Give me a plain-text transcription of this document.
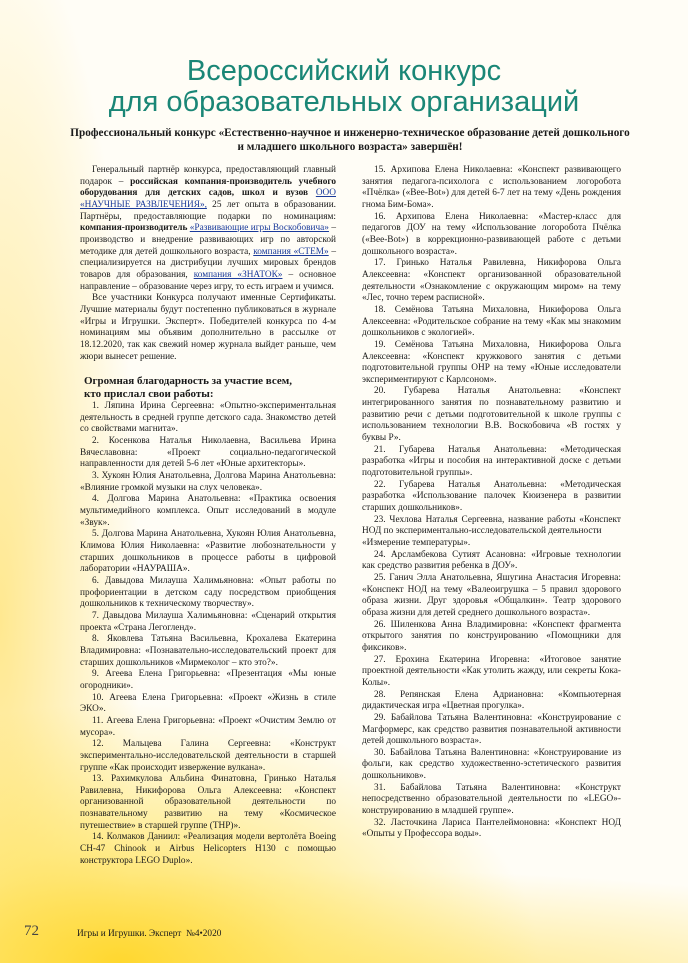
Всероссийский конкурс
для образовательных организаций

Профессиональный конкурс «Естественно-научное и инженерно-техническое образование детей дошкольного и младшего школьного возраста» завершён!

Генеральный партнёр конкурса, предоставляющий главный подарок – российская компания-производитель учебного оборудования для детских садов, школ и вузов ООО «НАУЧНЫЕ РАЗВЛЕЧЕНИЯ», 25 лет опыта в образовании. Партнёры, предоставляющие подарки по номинациям: компания-производитель «Развивающие игры Воскобовича» – производство и внедрение развивающих игр по авторской методике для детей дошкольного возраста, компания «СТЕМ» – специализируется на дистрибуции лучших мировых брендов товаров для образования, компания «ЗНАТОК» – основное направление – образование через игру, то есть играем и учимся.

Все участники Конкурса получают именные Сертификаты. Лучшие материалы будут постепенно публиковаться в журнале «Игры и Игрушки. Эксперт». Победителей конкурса по 4-м номинациям мы объявим дополнительно в рассылке от 18.12.2020, так как свежий номер журнала выйдет раньше, чем жюри вынесет решение.

Огромная благодарность за участие всем,
кто прислал свои работы:

1. Ляпина Ирина Сергеевна: «Опытно-экспериментальная деятельность в средней группе детского сада. Знакомство детей со свойствами магнита».

2. Косенкова Наталья Николаевна, Васильева Ирина Вячеславовна: «Проект социально-педагогической направленности для детей 5-6 лет «Юные архитекторы».

3. Хукоян Юлия Анатольевна, Долгова Марина Анатольевна: «Влияние громкой музыки на слух человека».

4. Долгова Марина Анатольевна: «Практика освоения мультимедийного комплекса. Опыт исследований в модуле «Звук».

5. Долгова Марина Анатольевна, Хукоян Юлия Анатольевна, Климова Юлия Николаевна: «Развитие любознательности у старших дошкольников в процессе работы в цифровой лаборатории «НАУРАША».

6. Давыдова Милауша Халимьяновна: «Опыт работы по профориентации в детском саду посредством приобщения дошкольников к техническому творчеству».

7. Давыдова Милауша Халимьяновна: «Сценарий открытия проекта «Страна Легогленд».

8. Яковлева Татьяна Васильевна, Крохалева Екатерина Владимировна: «Познавательно-исследовательский проект для старших дошкольников «Мирмеколог – кто это?».

9. Агеева Елена Григорьевна: «Презентация «Мы юные огородники».

10. Агеева Елена Григорьевна: «Проект «Жизнь в стиле ЭКО».

11. Агеева Елена Григорьевна: «Проект «Очистим Землю от мусора».

12. Мальцева Галина Сергеевна: «Конструкт экспериментально-исследовательской деятельности в старшей группе «Как происходит извержение вулкана».

13. Рахимкулова Альбина Финатовна, Гринько Наталья Равилевна, Никифорова Ольга Алексеевна: «Конспект организованной образовательной деятельности по познавательному развитию на тему «Космическое путешествие» в старшей группе (ТНР)».

14. Колмаков Даниил: «Реализация модели вертолёта Boeing CH-47 Chinook и Airbus Helicopters H130 с помощью конструктора LEGO Duplo».

15. Архипова Елена Николаевна: «Конспект развивающего занятия педагога-психолога с использованием логоробота «Пчёлка» («Bee-Bot») для детей 6-7 лет на тему «День рождения гнома Бим-Бома».

16. Архипова Елена Николаевна: «Мастер-класс для педагогов ДОУ на тему «Использование логоробота Пчёлка («Bee-Bot») в коррекционно-развивающей работе с детьми дошкольного возраста».

17. Гринько Наталья Равилевна, Никифорова Ольга Алексеевна: «Конспект организованной образовательной деятельности «Ознакомление с окружающим миром» на тему «Лес, точно терем расписной».

18. Семёнова Татьяна Михаловна, Никифорова Ольга Алексеевна: «Родительское собрание на тему «Как мы знакомим дошкольников с экологией».

19. Семёнова Татьяна Михаловна, Никифорова Ольга Алексеевна: «Конспект кружкового занятия с детьми подготовительной группы ОНР на тему «Юные исследователи экспериментируют с Карлсоном».

20. Губарева Наталья Анатольевна: «Конспект интегрированного занятия по познавательному развитию и развитию речи с детьми подготовительной к школе группы с использованием технологии В.В. Воскобовича «В гостях у буквы Р».

21. Губарева Наталья Анатольевна: «Методическая разработка «Игры и пособия на интерактивной доске с детьми подготовительной группы».

22. Губарева Наталья Анатольевна: «Методическая разработка «Использование палочек Кюизенера в развитии старших дошкольников».

23. Чехлова Наталья Сергеевна, название работы «Конспект НОД по экспериментально-исследовательской деятельности
«Измерение температуры».

24. Арсламбекова Сутият Асановна: «Игровые технологии как средство развития ребенка в ДОУ».

25. Ганич Элла Анатольевна, Яшугина Анастасия Игоревна: «Конспект НОД на тему «Валеоигрушка – 5 правил здорового образа жизни. Друг здоровья «Общалкин». Театр здорового образа жизни для детей среднего дошкольного возраста».

26. Шиленкова Анна Владимировна: «Конспект фрагмента открытого занятия по конструированию «Помощники для фиксиков».

27. Ерохина Екатерина Игоревна: «Итоговое занятие проектной деятельности «Как утолить жажду, или секреты Кока-Колы».

28. Репянская Елена Адриановна: «Компьютерная дидактическая игра «Цветная прогулка».

29. Бабайлова Татьяна Валентиновна: «Конструирование с Магформерс, как средство развития познавательной активности детей дошкольного возраста».

30. Бабайлова Татьяна Валентиновна: «Конструирование из фольги, как средство художественно-эстетического развития дошкольников».

31. Бабайлова Татьяна Валентиновна: «Конструкт непосредственно образовательной деятельности по «LEGO»-конструированию в младшей группе».

32. Ласточкина Лариса Пантелеймоновна: «Конспект НОД «Опыты у Профессора воды».

72	Игры и Игрушки. Эксперт №4•2020
